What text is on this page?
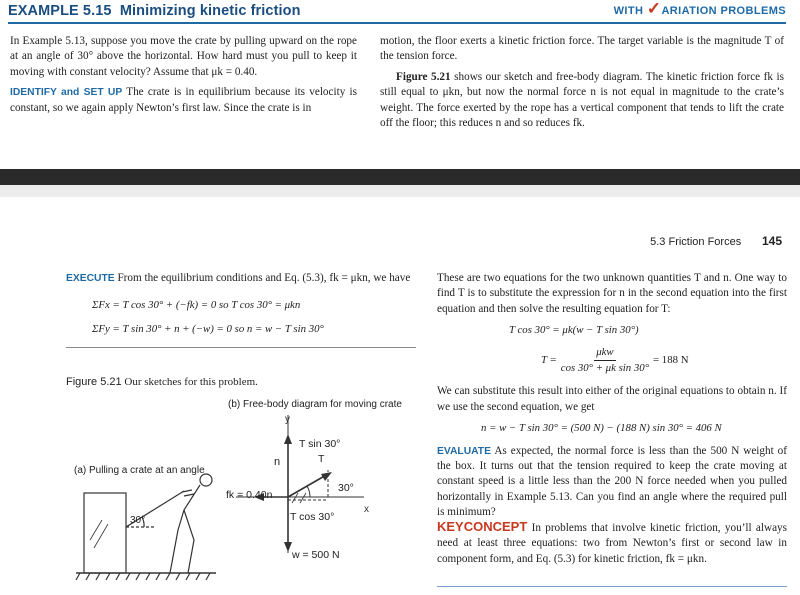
EXAMPLE 5.15 Minimizing kinetic friction	WITH ✓ARIATION PROBLEMS

In Example 5.13, suppose you move the crate by pulling upward on the rope at an angle of 30° above the horizontal. How hard must you pull to keep it moving with constant velocity? Assume that μk = 0.40.

IDENTIFY and SET UP The crate is in equilibrium because its velocity is constant, so we again apply Newton’s first law. Since the crate is in

motion, the floor exerts a kinetic friction force. The target variable is the magnitude T of the tension force.

Figure 5.21 shows our sketch and free-body diagram. The kinetic friction force fk is still equal to μkn, but now the normal force n is not equal in magnitude to the crate’s weight. The force exerted by the rope has a vertical component that tends to lift the crate off the floor; this reduces n and so reduces fk.

5.3 Friction Forces 145

EXECUTE From the equilibrium conditions and Eq. (5.3), fk = μkn, we have

ΣFx = T cos 30° + (−fk) = 0 so T cos 30° = μkn
ΣFy = T sin 30° + n + (−w) = 0 so n = w − T sin 30°
Figure 5.21 Our sketches for this problem.
(a) Pulling a crate at an angle
(b) Free-body diagram for moving crate
30°
y
x
n	T
T sin 30°
T cos 30°
30°
fk = 0.40n
w = 500 N

These are two equations for the two unknown quantities T and n. One way to find T is to substitute the expression for n in the second equation into the first equation and then solve the resulting equation for T:

T cos 30° = μk(w − T sin 30°)
T =
μkw
cos 30° + μk sin 30°
= 188 N

We can substitute this result into either of the original equations to obtain n. If we use the second equation, we get

n = w − T sin 30° = (500 N) − (188 N) sin 30° = 406 N

EVALUATE As expected, the normal force is less than the 500 N weight of the box. It turns out that the tension required to keep the crate moving at constant speed is a little less than the 200 N force needed when you pulled horizontally in Example 5.13. Can you find an angle where the required pull is minimum?

KEYCONCEPT In problems that involve kinetic friction, you’ll always need at least three equations: two from Newton’s first or second law in component form, and Eq. (5.3) for kinetic friction, fk = μkn.
